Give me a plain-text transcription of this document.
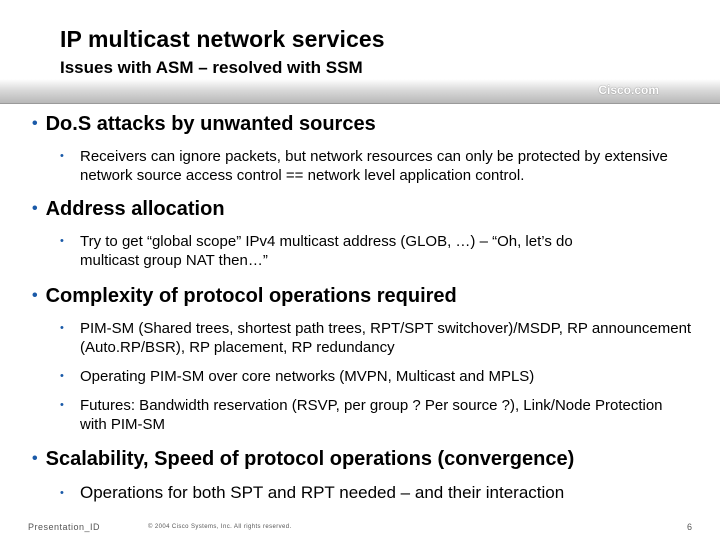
IP multicast network services
Issues with ASM – resolved with SSM
Cisco.com
• Do.S attacks by unwanted sources
• Receivers can ignore packets, but network resources can only be protected by extensive network source access control == network level application control.
• Address allocation
• Try to get “global scope” IPv4 multicast address (GLOB, …) – “Oh, let’s do multicast group NAT then…”
• Complexity of protocol operations required
• PIM-SM (Shared trees, shortest path trees, RPT/SPT switchover)/MSDP, RP announcement (Auto.RP/BSR), RP placement, RP redundancy
• Operating PIM-SM over core networks (MVPN, Multicast and MPLS)
• Futures: Bandwidth reservation (RSVP, per group ? Per source ?), Link/Node Protection with PIM-SM
• Scalability, Speed of protocol operations (convergence)
• Operations for both SPT and RPT needed – and their interaction
Presentation_ID	© 2004 Cisco Systems, Inc. All rights reserved.	6
